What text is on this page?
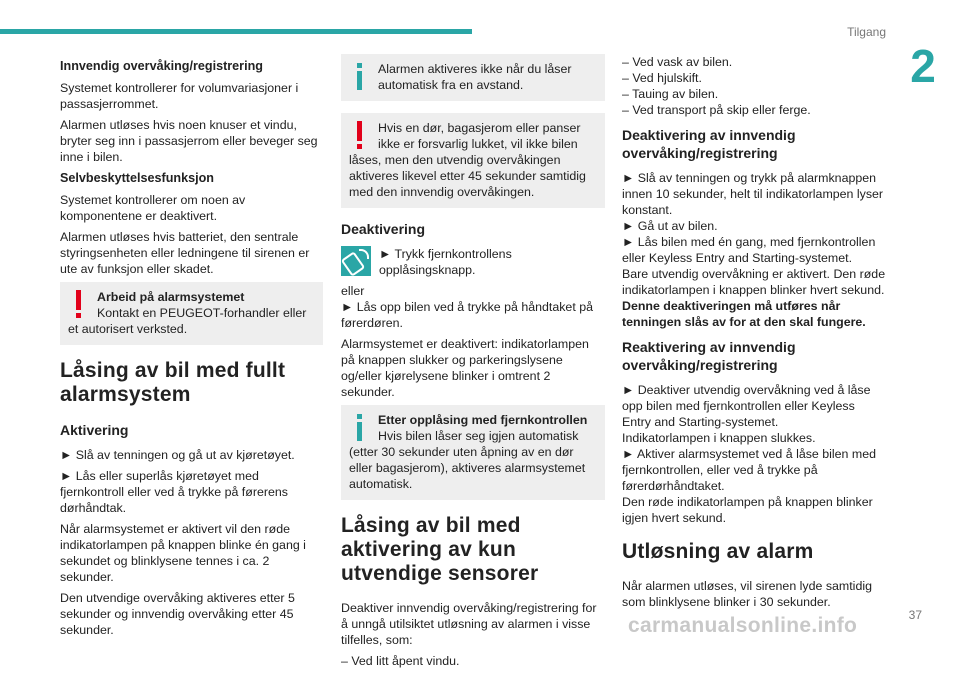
Tilgang
2

Innvendig overvåking/registrering

Systemet kontrollerer for volumvariasjoner i passasjerrommet.

Alarmen utløses hvis noen knuser et vindu, bryter seg inn i passasjerrom eller beveger seg inne i bilen.

Selvbeskyttelsesfunksjon

Systemet kontrollerer om noen av komponentene er deaktivert.

Alarmen utløses hvis batteriet, den sentrale styringsenheten eller ledningene til sirenen er ute av funksjon eller skadet.

Arbeid på alarmsystemet
Kontakt en PEUGEOT-forhandler eller et autorisert verksted.
Låsing av bil med fullt alarmsystem
Aktivering

► Slå av tenningen og gå ut av kjøretøyet.

► Lås eller superlås kjøretøyet med fjernkontroll eller ved å trykke på førerens dørhåndtak.

Når alarmsystemet er aktivert vil den røde indikatorlampen på knappen blinke én gang i sekundet og blinklysene tennes i ca. 2 sekunder.

Den utvendige overvåking aktiveres etter 5 sekunder og innvendig overvåking etter 45 sekunder.

Alarmen aktiveres ikke når du låser automatisk fra en avstand.
Hvis en dør, bagasjerom eller panser ikke er forsvarlig lukket, vil ikke bilen låses, men den utvendig overvåkingen aktiveres likevel etter 45 sekunder samtidig med den innvendig overvåkingen.
Deaktivering

► Trykk fjernkontrollens opplåsingsknapp.

eller

► Lås opp bilen ved å trykke på håndtaket på førerdøren.

Alarmsystemet er deaktivert: indikatorlampen på knappen slukker og parkeringslysene og/eller kjørelysene blinker i omtrent 2 sekunder.

Etter opplåsing med fjernkontrollen
Hvis bilen låser seg igjen automatisk (etter 30 sekunder uten åpning av en dør eller bagasjerom), aktiveres alarmsystemet automatisk.
Låsing av bil med aktivering av kun utvendige sensorer

Deaktiver innvendig overvåking/registrering for å unngå utilsiktet utløsning av alarmen i visse tilfelles, som:

– Ved litt åpent vindu.

– Ved vask av bilen.

– Ved hjulskift.

– Tauing av bilen.

– Ved transport på skip eller ferge.

Deaktivering av innvendig overvåking/registrering

► Slå av tenningen og trykk på alarmknappen innen 10 sekunder, helt til indikatorlampen lyser konstant.

► Gå ut av bilen.

► Lås bilen med én gang, med fjernkontrollen eller Keyless Entry and Starting-systemet.

Bare utvendig overvåkning er aktivert. Den røde indikatorlampen i knappen blinker hvert sekund.

Denne deaktiveringen må utføres når tenningen slås av for at den skal fungere.

Reaktivering av innvendig overvåking/registrering

► Deaktiver utvendig overvåkning ved å låse opp bilen med fjernkontrollen eller Keyless Entry and Starting-systemet.

Indikatorlampen i knappen slukkes.

► Aktiver alarmsystemet ved å låse bilen med fjernkontrollen, eller ved å trykke på førerdørhåndtaket.

Den røde indikatorlampen på knappen blinker igjen hvert sekund.

Utløsning av alarm

Når alarmen utløses, vil sirenen lyde samtidig som blinklysene blinker i 30 sekunder.

37
carmanualsonline.info
